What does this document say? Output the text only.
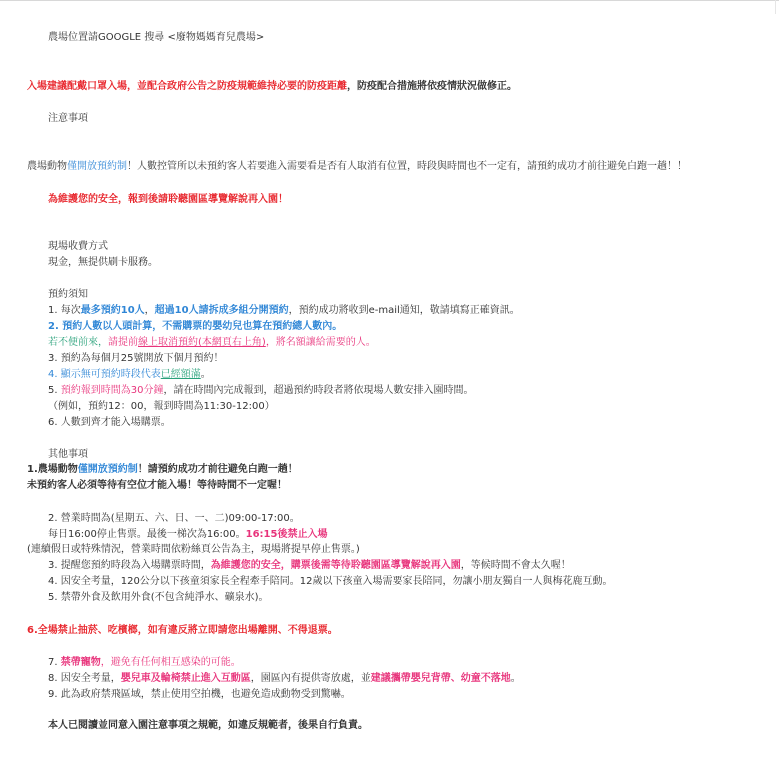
農場位置請GOOGLE 搜尋 <廢物媽媽育兒農場>
入場建議配戴口罩入場，並配合政府公告之防疫規範維持必要的防疫距離，防疫配合措施將依疫情狀況做修正。
注意事項
農場動物僅開放預約制！人數控管所以未預約客人若要進入需要看是否有人取消有位置，時段與時間也不一定有，請預約成功才前往避免白跑一趟！！
為維護您的安全，報到後請聆聽園區導覽解說再入園！
現場收費方式
現金，無提供刷卡服務。
預約須知
1. 每次最多預約10人，超過10人請拆成多組分開預約，預約成功將收到e-mail通知，敬請填寫正確資訊。
2. 預約人數以人頭計算，不需購票的嬰幼兒也算在預約總人數內。
若不便前來，請提前線上取消預約(本網頁右上角)，將名額讓給需要的人。
3. 預約為每個月25號開放下個月預約！
4. 顯示無可預約時段代表已經額滿。
5. 預約報到時間為30分鐘，請在時間內完成報到，超過預約時段者將依現場人數安排入園時間。
（例如，預約12：00，報到時間為11:30-12:00）
6. 人數到齊才能入場購票。
其他事項
1.農場動物僅開放預約制！請預約成功才前往避免白跑一趟！
未預約客人必須等待有空位才能入場！等待時間不一定喔！
2. 營業時間為(星期五、六、日、一、二)09:00-17:00。
每日16:00停止售票。最後一梯次為16:00。16:15後禁止入場
(連續假日或特殊情況，營業時間依粉絲頁公告為主，現場將提早停止售票。)
3. 提醒您預約時段為入場購票時間，為維護您的安全，購票後需等待聆聽園區導覽解說再入園，等候時間不會太久喔！
4. 因安全考量，120公分以下孩童須家長全程牽手陪同。12歲以下孩童入場需要家長陪同，勿讓小朋友獨自一人與梅花鹿互動。
5. 禁帶外食及飲用外食(不包含純淨水、礦泉水)。
6.全場禁止抽菸、吃檳榔，如有違反將立即請您出場離開、不得退票。
7. 禁帶寵物，避免有任何相互感染的可能。
8. 因安全考量，嬰兒車及輪椅禁止進入互動區，園區內有提供寄放處，並建議攜帶嬰兒背帶、幼童不落地。
9. 此為政府禁飛區域，禁止使用空拍機，也避免造成動物受到驚嚇。
本人已閱讀並同意入園注意事項之規範，如違反規範者，後果自行負責。
